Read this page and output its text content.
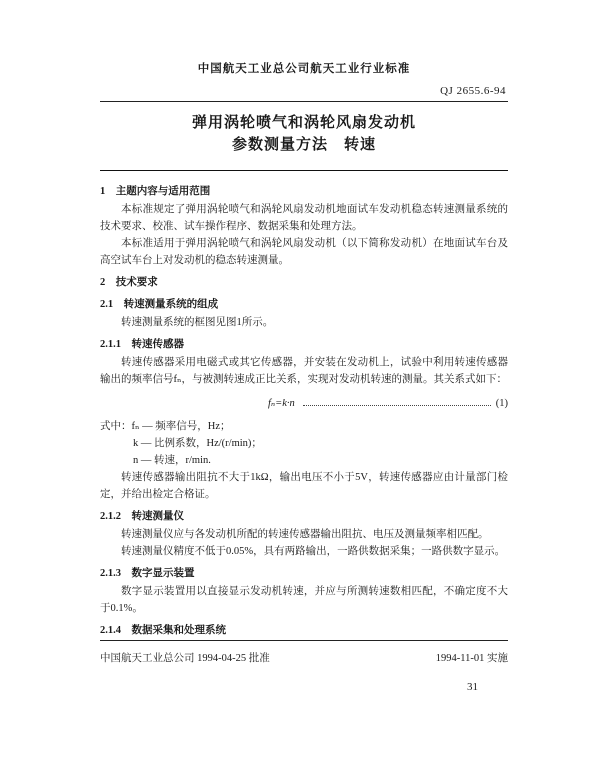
中国航天工业总公司航天工业行业标准
QJ 2655.6-94
弹用涡轮喷气和涡轮风扇发动机
参数测量方法　转速
1　主题内容与适用范围

本标准规定了弹用涡轮喷气和涡轮风扇发动机地面试车发动机稳态转速测量系统的技术要求、校准、试车操作程序、数据采集和处理方法。

本标准适用于弹用涡轮喷气和涡轮风扇发动机（以下简称发动机）在地面试车台及高空试车台上对发动机的稳态转速测量。

2　技术要求
2.1　转速测量系统的组成

转速测量系统的框图见图1所示。

2.1.1　转速传感器

转速传感器采用电磁式或其它传感器，并安装在发动机上，试验中利用转速传感器输出的频率信号fₙ，与被测转速成正比关系，实现对发动机转速的测量。其关系式如下：

fₙ=k·n	(1)

式中：fₙ — 频率信号，Hz；

k — 比例系数，Hz/(r/min)；

n — 转速，r/min.

转速传感器输出阻抗不大于1kΩ，输出电压不小于5V，转速传感器应由计量部门检定，并给出检定合格证。

2.1.2　转速测量仪

转速测量仪应与各发动机所配的转速传感器输出阻抗、电压及测量频率相匹配。

转速测量仪精度不低于0.05%，具有两路输出，一路供数据采集；一路供数字显示。

2.1.3　数字显示装置

数字显示装置用以直接显示发动机转速，并应与所测转速数相匹配，不确定度不大于0.1%。

2.1.4　数据采集和处理系统
中国航天工业总公司 1994-04-25 批准	1994-11-01 实施
31
